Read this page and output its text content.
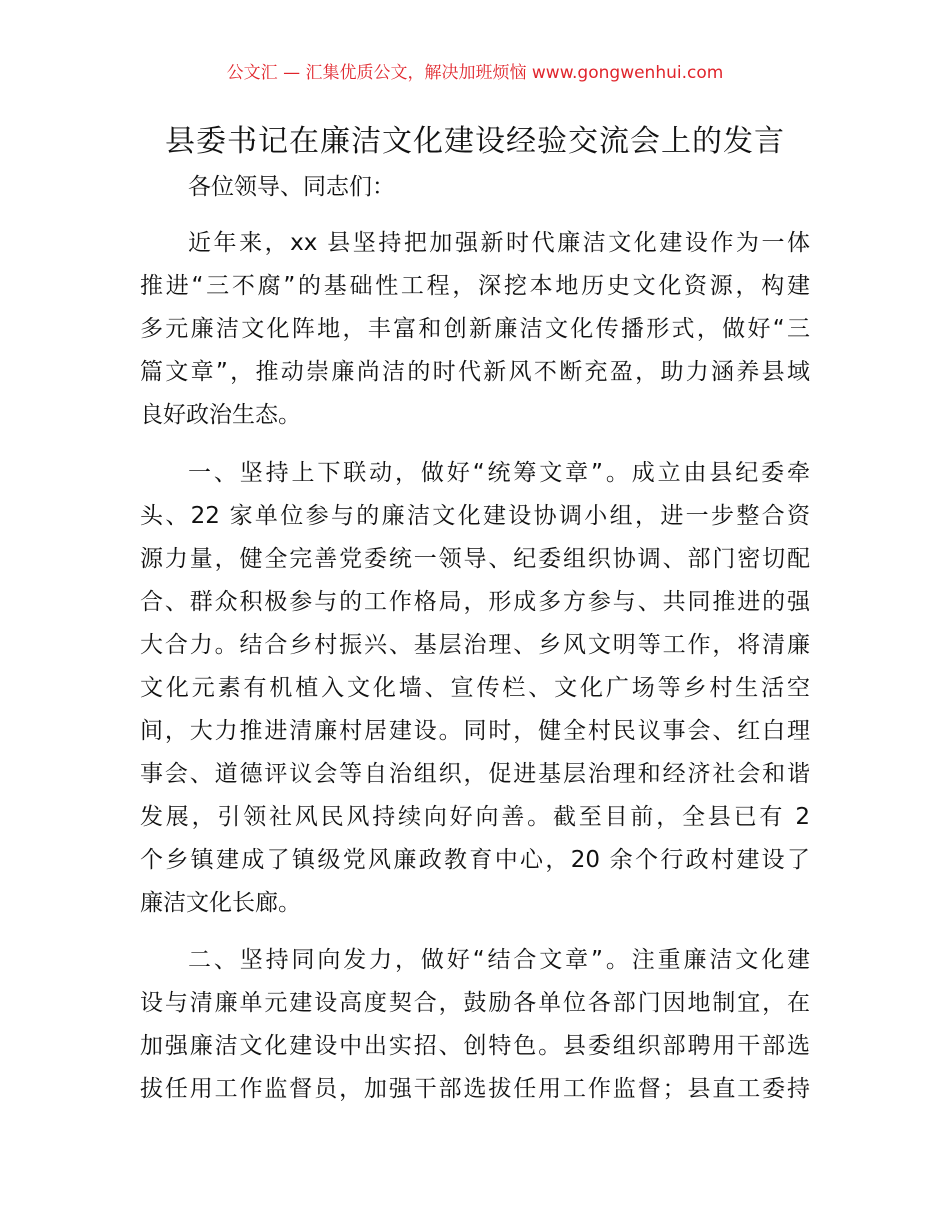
公文汇 — 汇集优质公文，解决加班烦恼 www.gongwenhui.com
县委书记在廉洁文化建设经验交流会上的发言
各位领导、同志们：
近年来，xx 县坚持把加强新时代廉洁文化建设作为一体
推进“三不腐”的基础性工程，深挖本地历史文化资源，构建
多元廉洁文化阵地，丰富和创新廉洁文化传播形式，做好“三
篇文章”，推动崇廉尚洁的时代新风不断充盈，助力涵养县域
良好政治生态。
一、坚持上下联动，做好“统筹文章”。成立由县纪委牵
头、22 家单位参与的廉洁文化建设协调小组，进一步整合资
源力量，健全完善党委统一领导、纪委组织协调、部门密切配
合、群众积极参与的工作格局，形成多方参与、共同推进的强
大合力。结合乡村振兴、基层治理、乡风文明等工作，将清廉
文化元素有机植入文化墙、宣传栏、文化广场等乡村生活空
间，大力推进清廉村居建设。同时，健全村民议事会、红白理
事会、道德评议会等自治组织，促进基层治理和经济社会和谐
发展，引领社风民风持续向好向善。截至目前，全县已有 2
个乡镇建成了镇级党风廉政教育中心，20 余个行政村建设了
廉洁文化长廊。
二、坚持同向发力，做好“结合文章”。注重廉洁文化建
设与清廉单元建设高度契合，鼓励各单位各部门因地制宜，在
加强廉洁文化建设中出实招、创特色。县委组织部聘用干部选
拔任用工作监督员，加强干部选拔任用工作监督；县直工委持
